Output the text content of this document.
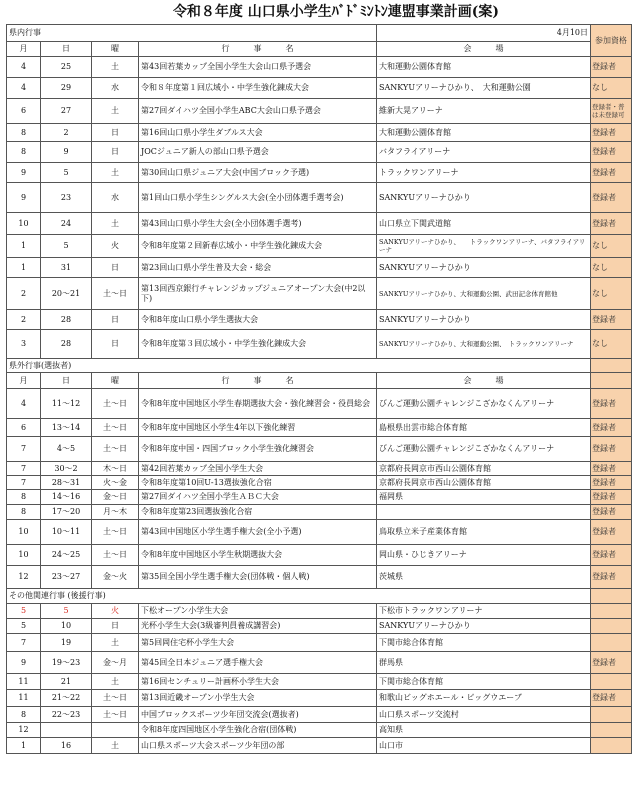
令和８年度 山口県小学生ﾊﾞﾄﾞﾐﾝﾄﾝ連盟事業計画(案)
県内行事				4月10日	参加資格
月	日	曜	行　　　事　　　名	会　　　場	
4	25	土	第43回若葉カップ全国小学生大会山口県予選会	大和運動公園体育館	登録者
4	29	水	令和８年度第１回広域小・中学生強化錬成大会	SANKYUアリーナひかり、　大和運動公園	なし
6	27	土	第27回ダイハツ全国小学生ABC大会山口県予選会	維新大晃アリーナ	登録者・普は未登録可
8	2	日	第16回山口県小学生ダブルス大会	大和運動公園体育館	登録者
8	9	日	JOCジュニア新人の部山口県予選会	バタフライアリーナ	登録者
9	5	土	第30回山口県ジュニア大会(中国ブロック予選)	トラックワンアリーナ	登録者
9	23	水	第1回山口県小学生シングルス大会(全小団体選手選考会)	SANKYUアリーナひかり	登録者
10	24	土	第43回山口県小学生大会(全小団体選手選考)	山口県立下関武道館	登録者
1	5	火	令和8年度第２回新春広域小・中学生強化錬成大会	SANKYUアリーナひかり、　　トラックワンアリーナ、バタフライアリーナ	なし
1	31	日	第23回山口県小学生普及大会・総会	SANKYUアリーナひかり	なし
2	20～21	土～日	第13回西京銀行チャレンジカップジュニアオープン大会(中2以下)	SANKYUアリーナひかり、大和運動公園、武田記念体育館他	なし
2	28	日	令和8年度山口県小学生選抜大会	SANKYUアリーナひかり	登録者
3	28	日	令和8年度第３回広域小・中学生強化錬成大会	SANKYUアリーナひかり、大和運動公園、　トラックワンアリーナ	なし
県外行事(選抜者)					
月	日	曜	行　　　事　　　名	会　　　場	
4	11～12	土～日	令和8年度中国地区小学生春期選抜大会・強化練習会・役員総会	びんご運動公園チャレンジこざかなくんアリーナ	登録者
6	13～14	土～日	令和8年度中国地区小学生4年以下強化練習	島根県出雲市総合体育館	登録者
7	4～5	土～日	令和8年度中国・四国ブロック小学生強化練習会	びんご運動公園チャレンジこざかなくんアリーナ	登録者
7	30～2	木～日	第42回若葉カップ全国小学生大会	京都府長岡京市西山公園体育館	登録者
7	28～31	火～金	令和8年度第10回U-13選抜強化合宿	京都府長岡京市西山公園体育館	登録者
8	14～16	金～日	第27回ダイハツ全国小学生ＡＢＣ大会	福岡県	登録者
8	17～20	月～木	令和8年度第23回選抜強化合宿		登録者
10	10～11	土～日	第43回中国地区小学生選手権大会(全小予選)	鳥取県立米子産業体育館	登録者
10	24～25	土～日	令和8年度中国地区小学生秋期選抜大会	岡山県・ひじきアリーナ	登録者
12	23～27	金～火	第35回全国小学生選手権大会(団体戦・個人戦)	茨城県	登録者
その他関連行事 (後援行事)					
5	5	火	下松オープン小学生大会	下松市トラックワンアリーナ	
5	10	日	光杯小学生大会(3級審判員養成講習会)	SANKYUアリーナひかり	
7	19	土	第5回岡住宅杯小学生大会	下関市総合体育館	
9	19～23	金～月	第45回全日本ジュニア選手権大会	群馬県	登録者
11	21	土	第16回センチュリー計画杯小学生大会	下関市総合体育館	
11	21～22	土～日	第13回近畿オープン小学生大会	和歌山ビッグホエール・ビッグウエーブ	登録者
8	22～23	土～日	中国ブロックスポーツ少年団交流会(選抜者)	山口県スポーツ交流村	
12			令和8年度四国地区小学生強化合宿(団体戦)	高知県	
1	16	土	山口県スポーツ大会スポーツ少年団の部	山口市	
